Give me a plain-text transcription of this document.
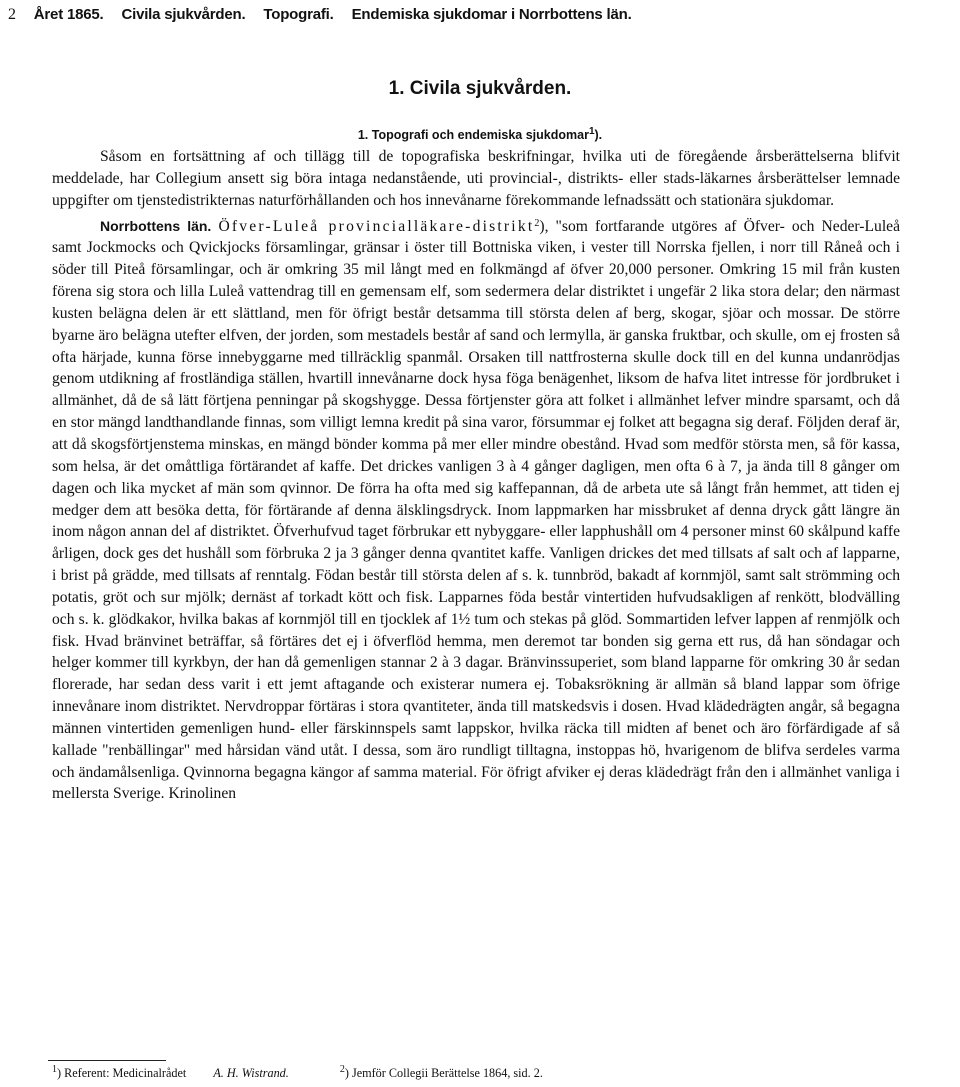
2 Året 1865. Civila sjukvården. Topografi. Endemiska sjukdomar i Norrbottens län.
1. Civila sjukvården.
1. Topografi och endemiska sjukdomar$^1$).

Såsom en fortsättning af och tillägg till de topografiska beskrifningar, hvilka uti de föregående årsberättelserna blifvit meddelade, har Collegium ansett sig böra intaga nedanstående, uti provincial-, distrikts- eller stads-läkarnes årsberättelser lemnade uppgifter om tjenstedistrikternas naturförhållanden och hos innevånarne förekommande lefnadssätt och stationära sjukdomar.

Norrbottens län. Öfver-Luleå provincialläkare-distrikt$^2$), "som fortfarande utgöres af Öfver- och Neder-Luleå samt Jockmocks och Qvickjocks församlingar, gränsar i öster till Bottniska viken, i vester till Norrska fjellen, i norr till Råneå och i söder till Piteå församlingar, och är omkring 35 mil långt med en folkmängd af öfver 20,000 personer. Omkring 15 mil från kusten förena sig stora och lilla Luleå vattendrag till en gemensam elf, som sedermera delar distriktet i ungefär 2 lika stora delar; den närmast kusten belägna delen är ett slättland, men för öfrigt består detsamma till största delen af berg, skogar, sjöar och mossar. De större byarne äro belägna utefter elfven, der jorden, som mestadels består af sand och lermylla, är ganska fruktbar, och skulle, om ej frosten så ofta härjade, kunna förse innebyggarne med tillräcklig spanmål. Orsaken till nattfrosterna skulle dock till en del kunna undanrödjas genom utdikning af frostländiga ställen, hvartill innevånarne dock hysa föga benägenhet, liksom de hafva litet intresse för jordbruket i allmänhet, då de så lätt förtjena penningar på skogshygge. Dessa förtjenster göra att folket i allmänhet lefver mindre sparsamt, och då en stor mängd landthandlande finnas, som villigt lemna kredit på sina varor, försummar ej folket att begagna sig deraf. Följden deraf är, att då skogsförtjenstema minskas, en mängd bönder komma på mer eller mindre obestånd. Hvad som medför största men, så för kassa, som helsa, är det omåttliga förtärandet af kaffe. Det drickes vanligen 3 à 4 gånger dagligen, men ofta 6 à 7, ja ända till 8 gånger om dagen och lika mycket af män som qvinnor. De förra ha ofta med sig kaffepannan, då de arbeta ute så långt från hemmet, att tiden ej medger dem att besöka detta, för förtärande af denna älsklingsdryck. Inom lappmarken har missbruket af denna dryck gått längre än inom någon annan del af distriktet. Öfverhufvud taget förbrukar ett nybyggare- eller lapphushåll om 4 personer minst 60 skålpund kaffe årligen, dock ges det hushåll som förbruka 2 ja 3 gånger denna qvantitet kaffe. Vanligen drickes det med tillsats af salt och af lapparne, i brist på grädde, med tillsats af renntalg. Födan består till största delen af s. k. tunnbröd, bakadt af kornmjöl, samt salt strömming och potatis, gröt och sur mjölk; dernäst af torkadt kött och fisk. Lapparnes föda består vintertiden hufvudsakligen af renkött, blodvälling och s. k. glödkakor, hvilka bakas af kornmjöl till en tjocklek af 1½ tum och stekas på glöd. Sommartiden lefver lappen af renmjölk och fisk. Hvad bränvinet beträffar, så förtäres det ej i öfverflöd hemma, men deremot tar bonden sig gerna ett rus, då han söndagar och helger kommer till kyrkbyn, der han då gemenligen stannar 2 à 3 dagar. Bränvinssuperiet, som bland lapparne för omkring 30 år sedan florerade, har sedan dess varit i ett jemt aftagande och existerar numera ej. Tobaksrökning är allmän så bland lappar som öfrige innevånare inom distriktet. Nervdroppar förtäras i stora qvantiteter, ända till matskedsvis i dosen. Hvad klädedrägten angår, så begagna männen vintertiden gemenligen hund- eller färskinnspels samt lappskor, hvilka räcka till midten af benet och äro förfärdigade af så kallade "renbällingar" med hårsidan vänd utåt. I dessa, som äro rundligt tilltagna, instoppas hö, hvarigenom de blifva serdeles varma och ändamålsenliga. Qvinnorna begagna kängor af samma material. För öfrigt afviker ej deras klädedrägt från den i allmänhet vanliga i mellersta Sverige. Krinolinen

$^1$) Referent: Medicinalrådet A. H. Wistrand.	$^2$) Jemför Collegii Berättelse 1864, sid. 2.
